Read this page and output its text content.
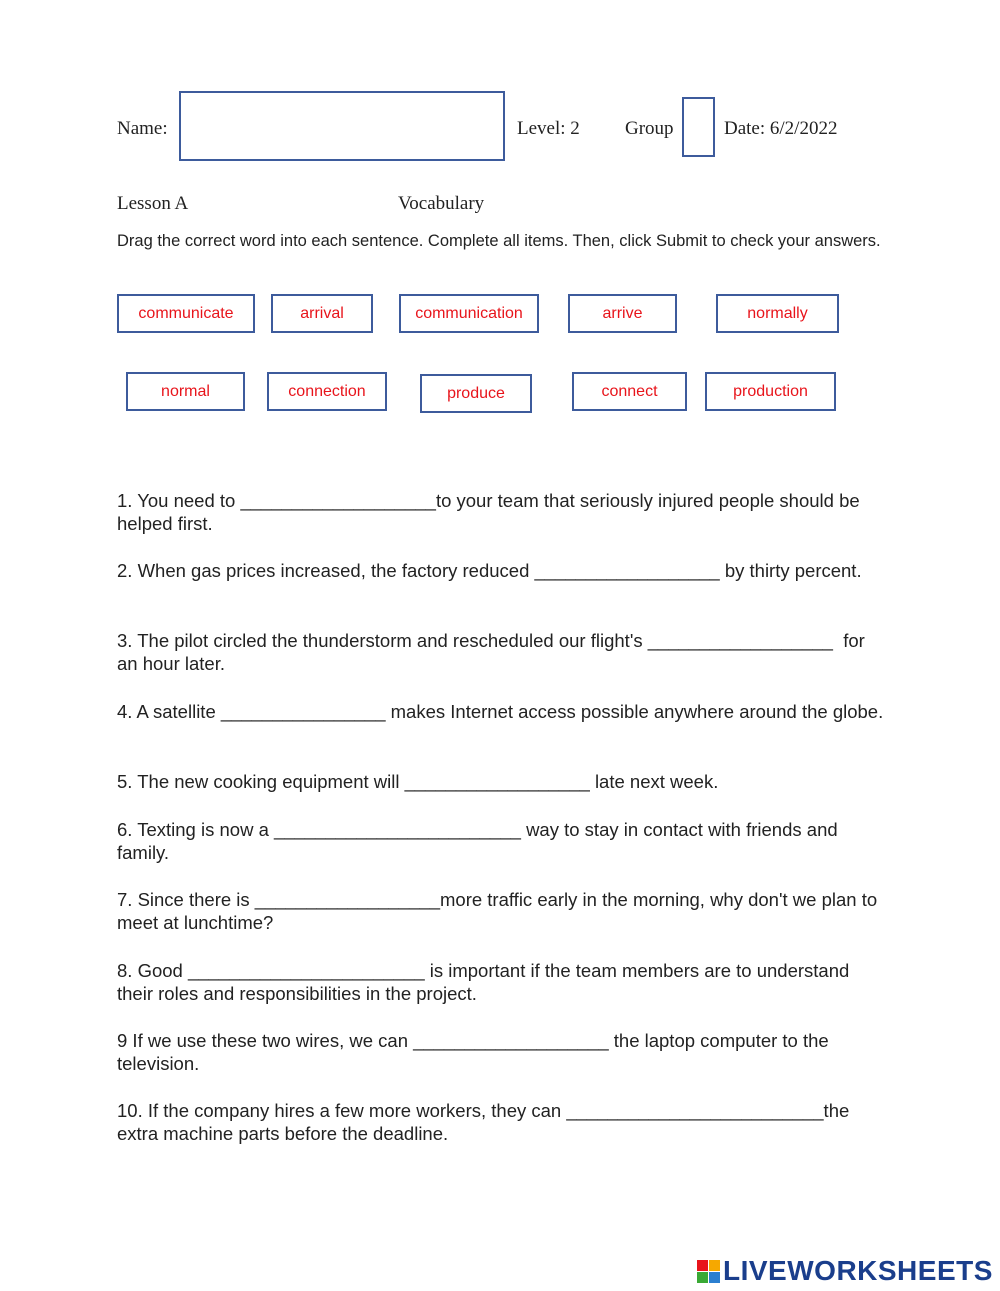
Name:	Level: 2 Group	Date: 6/2/2022
Lesson A	Vocabulary
Drag the correct word into each sentence. Complete all items. Then, click Submit to check your answers.
communicate	arrival	communication	arrive	normally
normal	connection	produce	connect	production
1. You need to ___________________to your team that seriously injured people should be helped first.
2. When gas prices increased, the factory reduced __________________ by thirty percent.
3. The pilot circled the thunderstorm and rescheduled our flight's __________________  for an hour later.
4. A satellite ________________ makes Internet access possible anywhere around the globe.
5. The new cooking equipment will __________________ late next week.
6. Texting is now a ________________________ way to stay in contact with friends and family.
7. Since there is __________________more traffic early in the morning, why don't we plan to meet at lunchtime?
8. Good _______________________ is important if the team members are to understand their roles and responsibilities in the project.
9 If we use these two wires, we can ___________________ the laptop computer to the television.
10. If the company hires a few more workers, they can _________________________the extra machine parts before the deadline.
LIVEWORKSHEETS
